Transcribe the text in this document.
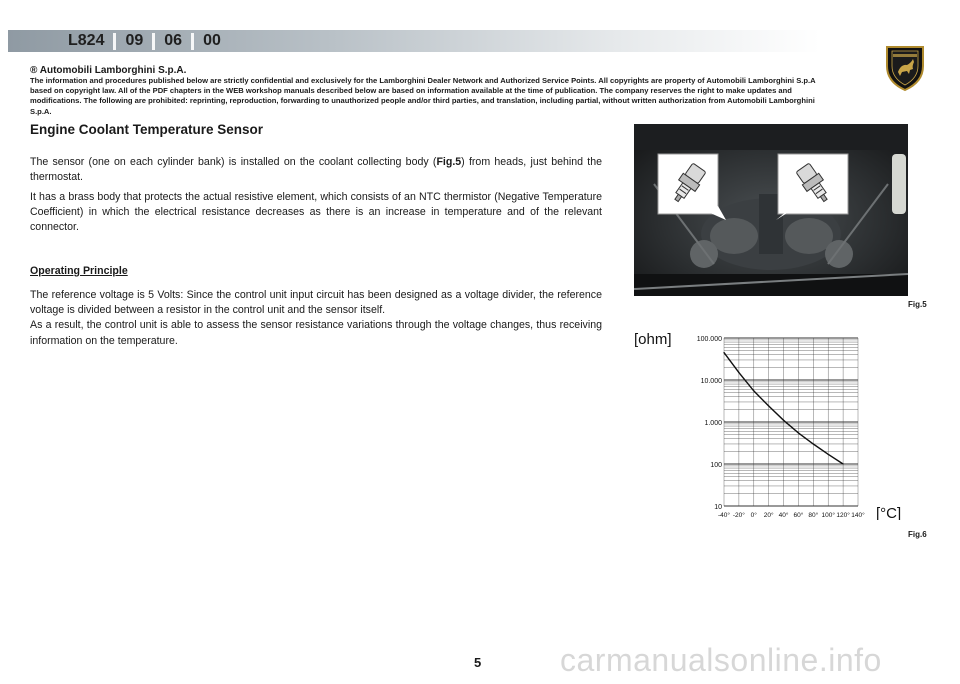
L824 09 06 00
® Automobili Lamborghini S.p.A.
The information and procedures published below are strictly confidential and exclusively for the Lamborghini Dealer Network and Authorized Service Points. All copyrights are property of Automobili Lamborghini S.p.A based on copyright law. All of the PDF chapters in the WEB workshop manuals described below are based on information available at the time of publication. The company reserves the right to make updates and modifications. The following are prohibited: reprinting, reproduction, forwarding to unauthorized people and/or third parties, and translation, including partial, without written authorization from Automobili Lamborghini S.p.A.
Engine Coolant Temperature Sensor
The sensor (one on each cylinder bank) is installed on the coolant collecting body (Fig.5) from heads, just behind the thermostat.
It has a brass body that protects the actual resistive element, which consists of an NTC thermistor (Negative Temperature Coefficient) in which the electrical resistance decreases as there is an increase in temperature and of the relevant connector.
Operating Principle
The reference voltage is 5 Volts: Since the control unit input circuit has been designed as a voltage divider, the reference voltage is divided between a resistor in the control unit and the sensor itself.
As a result, the control unit is able to assess the sensor resistance variations through the voltage changes, thus receiving information on the temperature.
Fig.5
100.000
10.000
1.000
100
10
-40° -20° 0° 20° 40° 60° 80° 100° 120° 140°
[ohm]
[°C]
Fig.6
5 carmanualsonline.info
